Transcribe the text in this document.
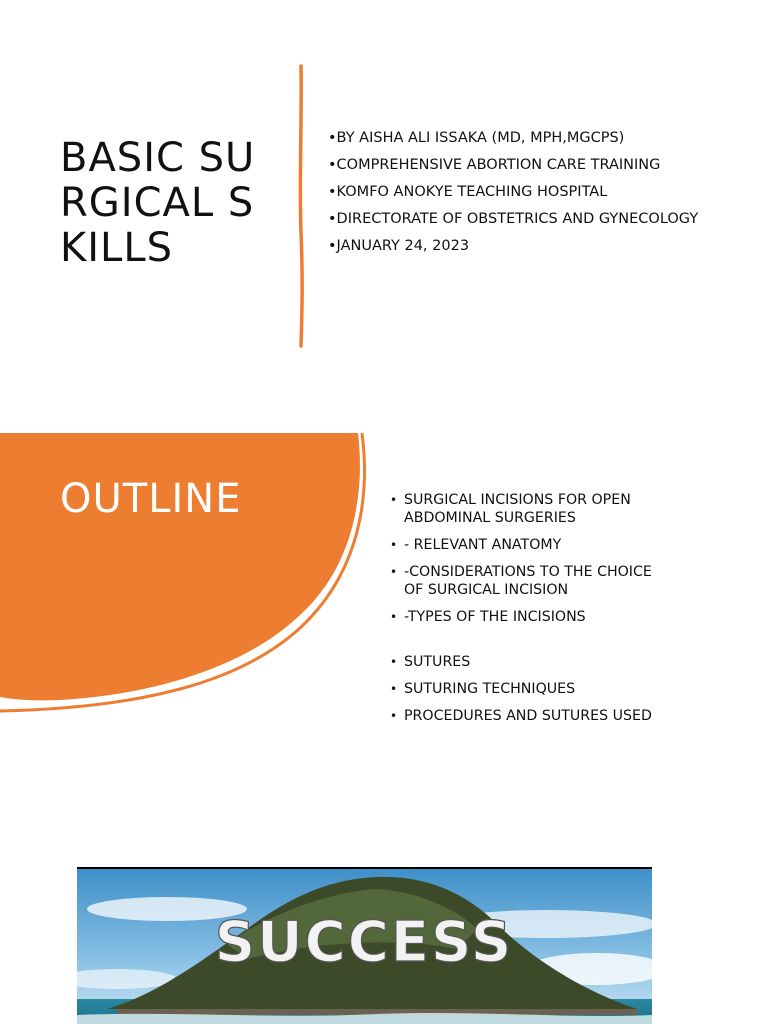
BASIC SURGICAL SKILLS
•BY AISHA ALI ISSAKA (MD, MPH,MGCPS)
•COMPREHENSIVE ABORTION CARE TRAINING
•KOMFO ANOKYE TEACHING HOSPITAL
•DIRECTORATE OF OBSTETRICS AND GYNECOLOGY
•JANUARY 24, 2023
OUTLINE	• SURGICAL INCISIONS FOR OPEN ABDOMINAL SURGERIES
• - RELEVANT ANATOMY
• -CONSIDERATIONS TO THE CHOICE OF SURGICAL INCISION
• -TYPES OF THE INCISIONS
• SUTURES
• SUTURING TECHNIQUES
• PROCEDURES AND SUTURES USED
SUCCESS
